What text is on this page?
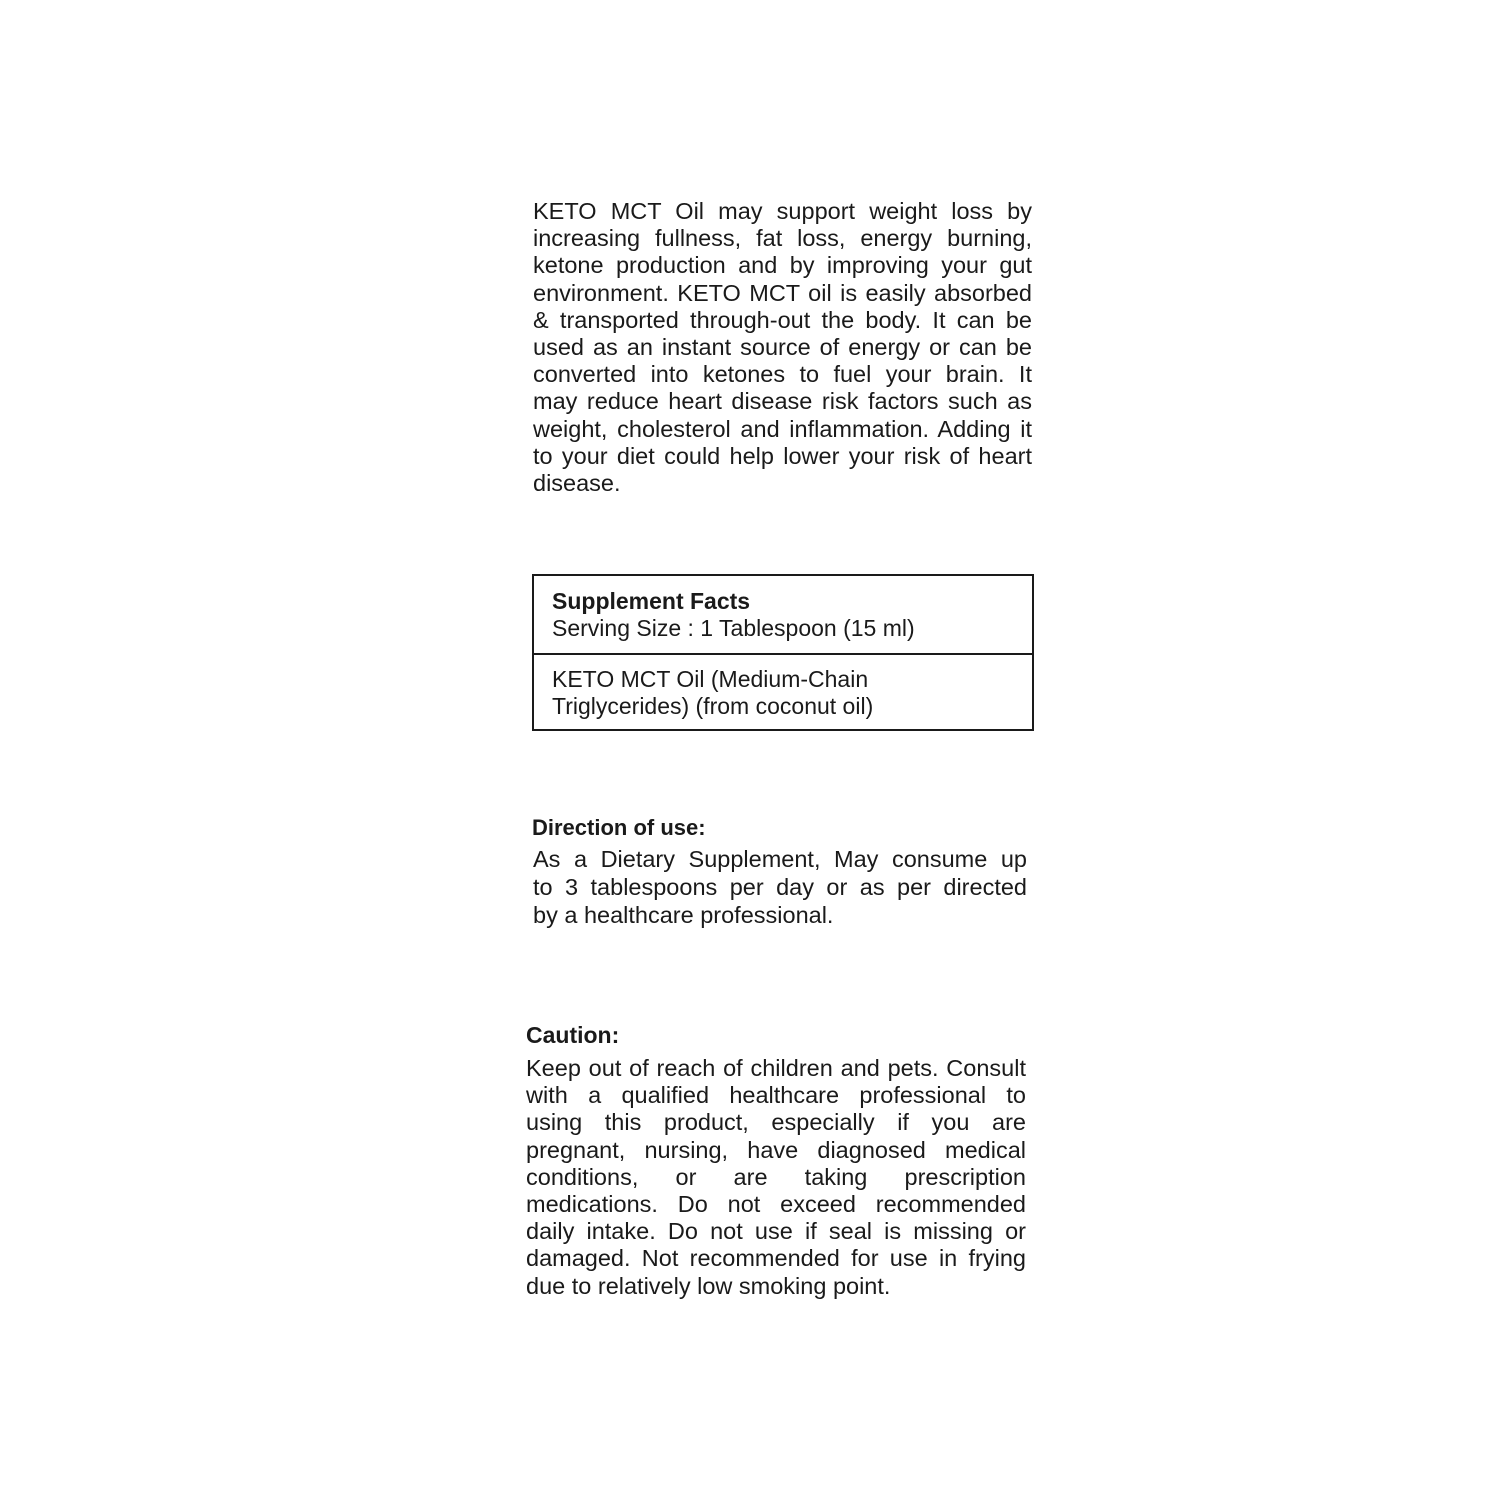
KETO MCT Oil may support weight loss by
increasing fullness, fat loss, energy burning,
ketone production and by improving your gut
environment. KETO MCT oil is easily absorbed
& transported through-out the body. It can be
used as an instant source of energy or can be
converted into ketones to fuel your brain. It
may reduce heart disease risk factors such as
weight, cholesterol and inflammation. Adding it
to your diet could help lower your risk of heart
disease.
Supplement Facts
Serving Size : 1 Tablespoon (15 ml)
KETO MCT Oil (Medium-Chain
Triglycerides) (from coconut oil)
Direction of use:
As a Dietary Supplement, May consume up
to 3 tablespoons per day or as per directed
by a healthcare professional.
Caution:
Keep out of reach of children and pets. Consult
with a qualified healthcare professional to
using this product, especially if you are
pregnant, nursing, have diagnosed medical
conditions, or are taking prescription
medications. Do not exceed recommended
daily intake. Do not use if seal is missing or
damaged. Not recommended for use in frying
due to relatively low smoking point.
